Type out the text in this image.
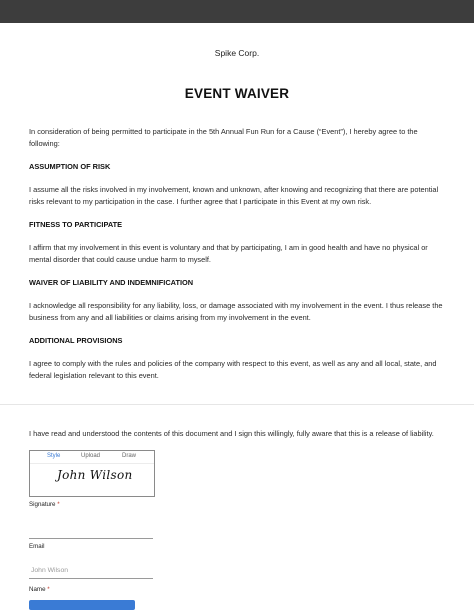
Spike Corp.
EVENT WAIVER

In consideration of being permitted to participate in the 5th Annual Fun Run for a Cause (“Event”), I hereby agree to the following:

ASSUMPTION OF RISK

I assume all the risks involved in my involvement, known and unknown, after knowing and recognizing that there are potential risks relevant to my participation in the case. I further agree that I participate in this Event at my own risk.

FITNESS TO PARTICIPATE

I affirm that my involvement in this event is voluntary and that by participating, I am in good health and have no physical or mental disorder that could cause undue harm to myself.

WAIVER OF LIABILITY AND INDEMNIFICATION

I acknowledge all responsibility for any liability, loss, or damage associated with my involvement in the event. I thus release the business from any and all liabilities or claims arising from my involvement in the event.

ADDITIONAL PROVISIONS

I agree to comply with the rules and policies of the company with respect to this event, as well as any and all local, state, and federal legislation relevant to this event.

I have read and understood the contents of this document and I sign this willingly, fully aware that this is a release of liability.

Style	Upload	Draw
John Wilson
Signature *
Email
John Wilson
Name *
